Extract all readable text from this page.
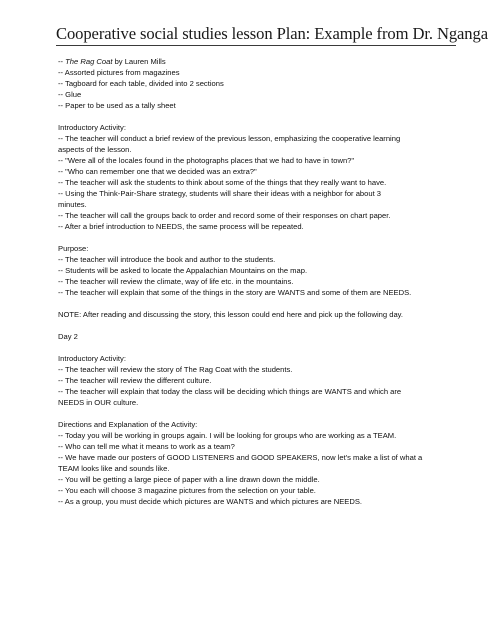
Cooperative social studies lesson Plan: Example from Dr. Nganga
-- The Rag Coat by Lauren Mills
-- Assorted pictures from magazines
-- Tagboard for each table, divided into 2 sections
-- Glue
-- Paper to be used as a tally sheet
Introductory Activity:
-- The teacher will conduct a brief review of the previous lesson, emphasizing the cooperative learning
aspects of the lesson.
-- "Were all of the locales found in the photographs places that we had to have in town?"
-- "Who can remember one that we decided was an extra?"
-- The teacher will ask the students to think about some of the things that they really want to have.
-- Using the Think-Pair-Share strategy, students will share their ideas with a neighbor for about 3
minutes.
-- The teacher will call the groups back to order and record some of their responses on chart paper.
-- After a brief introduction to NEEDS, the same process will be repeated.
Purpose:
-- The teacher will introduce the book and author to the students.
-- Students will be asked to locate the Appalachian Mountains on the map.
-- The teacher will review the climate, way of life etc. in the mountains.
-- The teacher will explain that some of the things in the story are WANTS and some of them are NEEDS.
NOTE: After reading and discussing the story, this lesson could end here and pick up the following day.
Day 2
Introductory Activity:
-- The teacher will review the story of The Rag Coat with the students.
-- The teacher will review the different culture.
-- The teacher will explain that today the class will be deciding which things are WANTS and which are
NEEDS in OUR culture.
Directions and Explanation of the Activity:
-- Today you will be working in groups again. I will be looking for groups who are working as a TEAM.
-- Who can tell me what it means to work as a team?
-- We have made our posters of GOOD LISTENERS and GOOD SPEAKERS, now let's make a list of what a
TEAM looks like and sounds like.
-- You will be getting a large piece of paper with a line drawn down the middle.
-- You each will choose 3 magazine pictures from the selection on your table.
-- As a group, you must decide which pictures are WANTS and which pictures are NEEDS.
